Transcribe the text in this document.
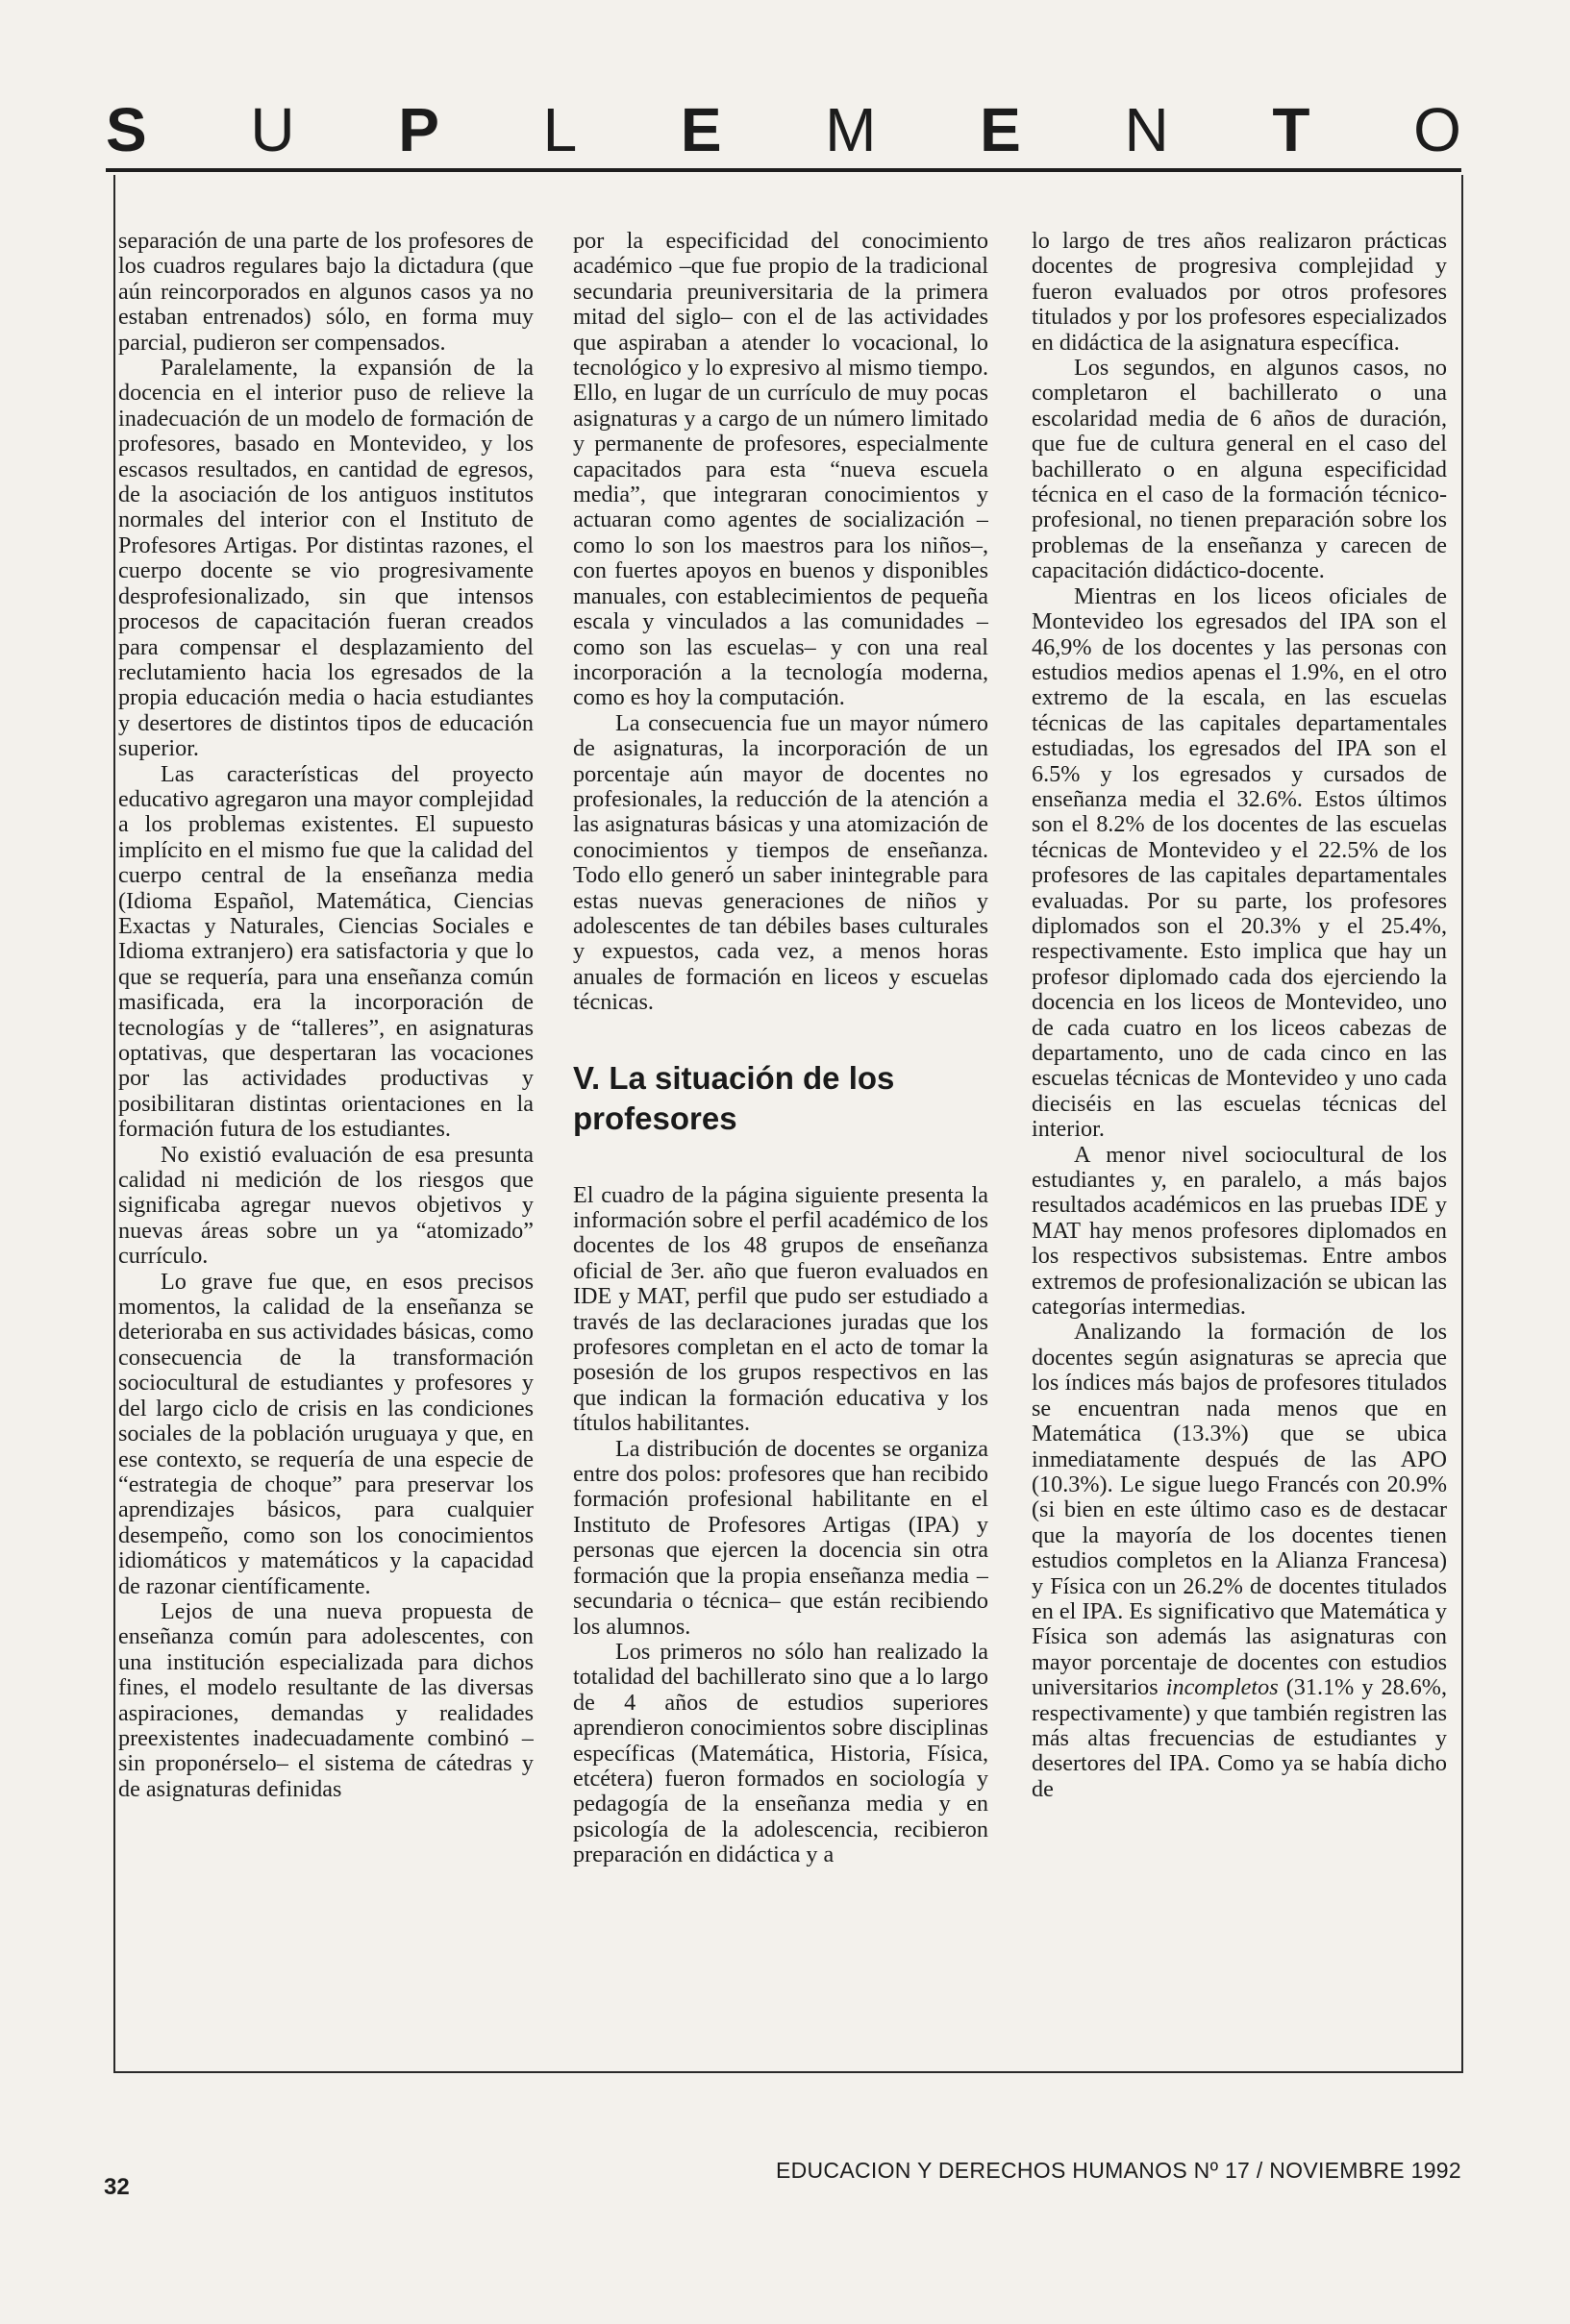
S U P L E M E N T O

separación de una parte de los profesores de los cuadros regulares bajo la dictadura (que aún reincorporados en algunos casos ya no estaban entrenados) sólo, en forma muy parcial, pudieron ser compensados.

Paralelamente, la expansión de la docencia en el interior puso de relieve la inadecuación de un modelo de formación de profesores, basado en Montevideo, y los escasos resultados, en cantidad de egresos, de la asociación de los antiguos institutos normales del interior con el Instituto de Profesores Artigas. Por distintas razones, el cuerpo docente se vio progresivamente desprofesionalizado, sin que intensos procesos de capacitación fueran creados para compensar el desplazamiento del reclutamiento hacia los egresados de la propia educación media o hacia estudiantes y desertores de distintos tipos de educación superior.

Las características del proyecto educativo agregaron una mayor complejidad a los problemas existentes. El supuesto implícito en el mismo fue que la calidad del cuerpo central de la enseñanza media (Idioma Español, Matemática, Ciencias Exactas y Naturales, Ciencias Sociales e Idioma extranjero) era satisfactoria y que lo que se requería, para una enseñanza común masificada, era la incorporación de tecnologías y de “talleres”, en asignaturas optativas, que despertaran las vocaciones por las actividades productivas y posibilitaran distintas orientaciones en la formación futura de los estudiantes.

No existió evaluación de esa presunta calidad ni medición de los riesgos que significaba agregar nuevos objetivos y nuevas áreas sobre un ya “atomizado” currículo.

Lo grave fue que, en esos precisos momentos, la calidad de la enseñanza se deterioraba en sus actividades básicas, como consecuencia de la transformación sociocultural de estudiantes y profesores y del largo ciclo de crisis en las condiciones sociales de la población uruguaya y que, en ese contexto, se requería de una especie de “estrategia de choque” para preservar los aprendizajes básicos, para cualquier desempeño, como son los conocimientos idiomáticos y matemáticos y la capacidad de razonar científicamente.

Lejos de una nueva propuesta de enseñanza común para adolescentes, con una institución especializada para dichos fines, el modelo resultante de las diversas aspiraciones, demandas y realidades preexistentes inadecuadamente combinó –sin proponérselo– el sistema de cátedras y de asignaturas definidas

por la especificidad del conocimiento académico –que fue propio de la tradicional secundaria preuniversitaria de la primera mitad del siglo– con el de las actividades que aspiraban a atender lo vocacional, lo tecnológico y lo expresivo al mismo tiempo. Ello, en lugar de un currículo de muy pocas asignaturas y a cargo de un número limitado y permanente de profesores, especialmente capacitados para esta “nueva escuela media”, que integraran conocimientos y actuaran como agentes de socialización –como lo son los maestros para los niños–, con fuertes apoyos en buenos y disponibles manuales, con establecimientos de pequeña escala y vinculados a las comunidades –como son las escuelas– y con una real incorporación a la tecnología moderna, como es hoy la computación.

La consecuencia fue un mayor número de asignaturas, la incorporación de un porcentaje aún mayor de docentes no profesionales, la reducción de la atención a las asignaturas básicas y una atomización de conocimientos y tiempos de enseñanza. Todo ello generó un saber inintegrable para estas nuevas generaciones de niños y adolescentes de tan débiles bases culturales y expuestos, cada vez, a menos horas anuales de formación en liceos y escuelas técnicas.

V. La situación de los profesores

El cuadro de la página siguiente presenta la información sobre el perfil académico de los docentes de los 48 grupos de enseñanza oficial de 3er. año que fueron evaluados en IDE y MAT, perfil que pudo ser estudiado a través de las declaraciones juradas que los profesores completan en el acto de tomar la posesión de los grupos respectivos en las que indican la formación educativa y los títulos habilitantes.

La distribución de docentes se organiza entre dos polos: profesores que han recibido formación profesional habilitante en el Instituto de Profesores Artigas (IPA) y personas que ejercen la docencia sin otra formación que la propia enseñanza media –secundaria o técnica– que están recibiendo los alumnos.

Los primeros no sólo han realizado la totalidad del bachillerato sino que a lo largo de 4 años de estudios superiores aprendieron conocimientos sobre disciplinas específicas (Matemática, Historia, Física, etcétera) fueron formados en sociología y pedagogía de la enseñanza media y en psicología de la adolescencia, recibieron preparación en didáctica y a

lo largo de tres años realizaron prácticas docentes de progresiva complejidad y fueron evaluados por otros profesores titulados y por los profesores especializados en didáctica de la asignatura específica.

Los segundos, en algunos casos, no completaron el bachillerato o una escolaridad media de 6 años de duración, que fue de cultura general en el caso del bachillerato o en alguna especificidad técnica en el caso de la formación técnico-profesional, no tienen preparación sobre los problemas de la enseñanza y carecen de capacitación didáctico-docente.

Mientras en los liceos oficiales de Montevideo los egresados del IPA son el 46,9% de los docentes y las personas con estudios medios apenas el 1.9%, en el otro extremo de la escala, en las escuelas técnicas de las capitales departamentales estudiadas, los egresados del IPA son el 6.5% y los egresados y cursados de enseñanza media el 32.6%. Estos últimos son el 8.2% de los docentes de las escuelas técnicas de Montevideo y el 22.5% de los profesores de las capitales departamentales evaluadas. Por su parte, los profesores diplomados son el 20.3% y el 25.4%, respectivamente. Esto implica que hay un profesor diplomado cada dos ejerciendo la docencia en los liceos de Montevideo, uno de cada cuatro en los liceos cabezas de departamento, uno de cada cinco en las escuelas técnicas de Montevideo y uno cada dieciséis en las escuelas técnicas del interior.

A menor nivel sociocultural de los estudiantes y, en paralelo, a más bajos resultados académicos en las pruebas IDE y MAT hay menos profesores diplomados en los respectivos subsistemas. Entre ambos extremos de profesionalización se ubican las categorías intermedias.

Analizando la formación de los docentes según asignaturas se aprecia que los índices más bajos de profesores titulados se encuentran nada menos que en Matemática (13.3%) que se ubica inmediatamente después de las APO (10.3%). Le sigue luego Francés con 20.9% (si bien en este último caso es de destacar que la mayoría de los docentes tienen estudios completos en la Alianza Francesa) y Física con un 26.2% de docentes titulados en el IPA. Es significativo que Matemática y Física son además las asignaturas con mayor porcentaje de docentes con estudios universitarios incompletos (31.1% y 28.6%, respectivamente) y que también registren las más altas frecuencias de estudiantes y desertores del IPA. Como ya se había dicho de

EDUCACION Y DERECHOS HUMANOS Nº 17 / NOVIEMBRE 1992
32
